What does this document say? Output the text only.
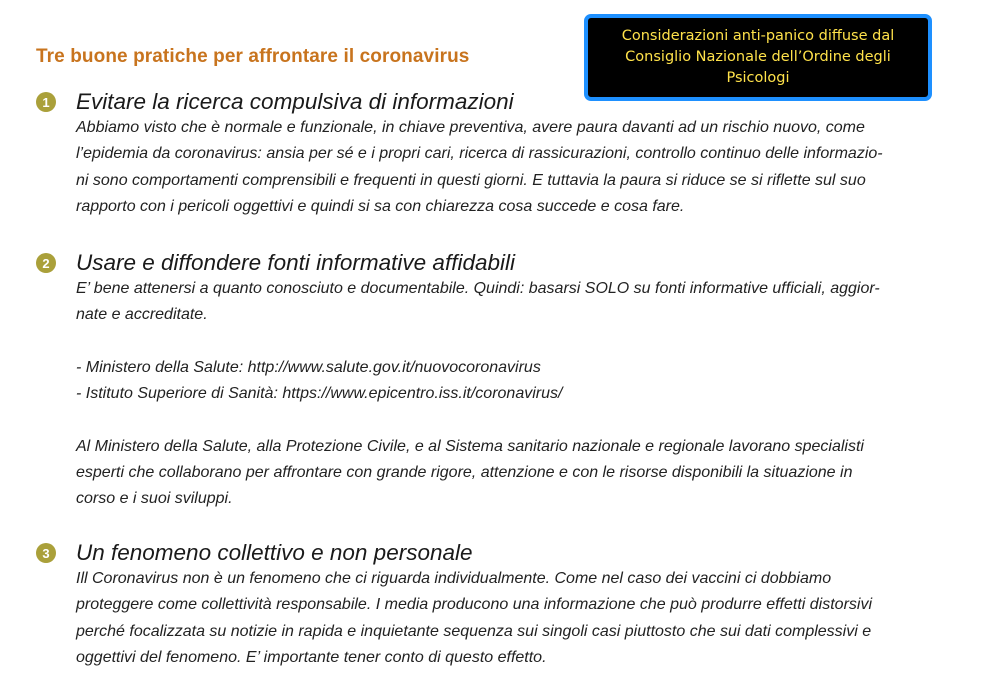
Tre buone pratiche per affrontare il coronavirus
Considerazioni anti-panico diffuse dal
Consiglio Nazionale dell’Ordine degli
Psicologi
1 Evitare la ricerca compulsiva di informazioni
Abbiamo visto che è normale e funzionale, in chiave preventiva, avere paura davanti ad un rischio nuovo, come
l’epidemia da coronavirus: ansia per sé e i propri cari, ricerca di rassicurazioni, controllo continuo delle informazio-
ni sono comportamenti comprensibili e frequenti in questi giorni. E tuttavia la paura si riduce se si riflette sul suo
rapporto con i pericoli oggettivi e quindi si sa con chiarezza cosa succede e cosa fare.
2 Usare e diffondere fonti informative affidabili
E’ bene attenersi a quanto conosciuto e documentabile. Quindi: basarsi SOLO su fonti informative ufficiali, aggior-
nate e accreditate.
- Ministero della Salute: http://www.salute.gov.it/nuovocoronavirus
- Istituto Superiore di Sanità: https://www.epicentro.iss.it/coronavirus/
Al Ministero della Salute, alla Protezione Civile, e al Sistema sanitario nazionale e regionale lavorano specialisti
esperti che collaborano per affrontare con grande rigore, attenzione e con le risorse disponibili la situazione in
corso e i suoi sviluppi.
3 Un fenomeno collettivo e non personale
Ill Coronavirus non è un fenomeno che ci riguarda individualmente. Come nel caso dei vaccini ci dobbiamo
proteggere come collettività responsabile. I media producono una informazione che può produrre effetti distorsivi
perché focalizzata su notizie in rapida e inquietante sequenza sui singoli casi piuttosto che sui dati complessivi e
oggettivi del fenomeno. E’ importante tener conto di questo effetto.
